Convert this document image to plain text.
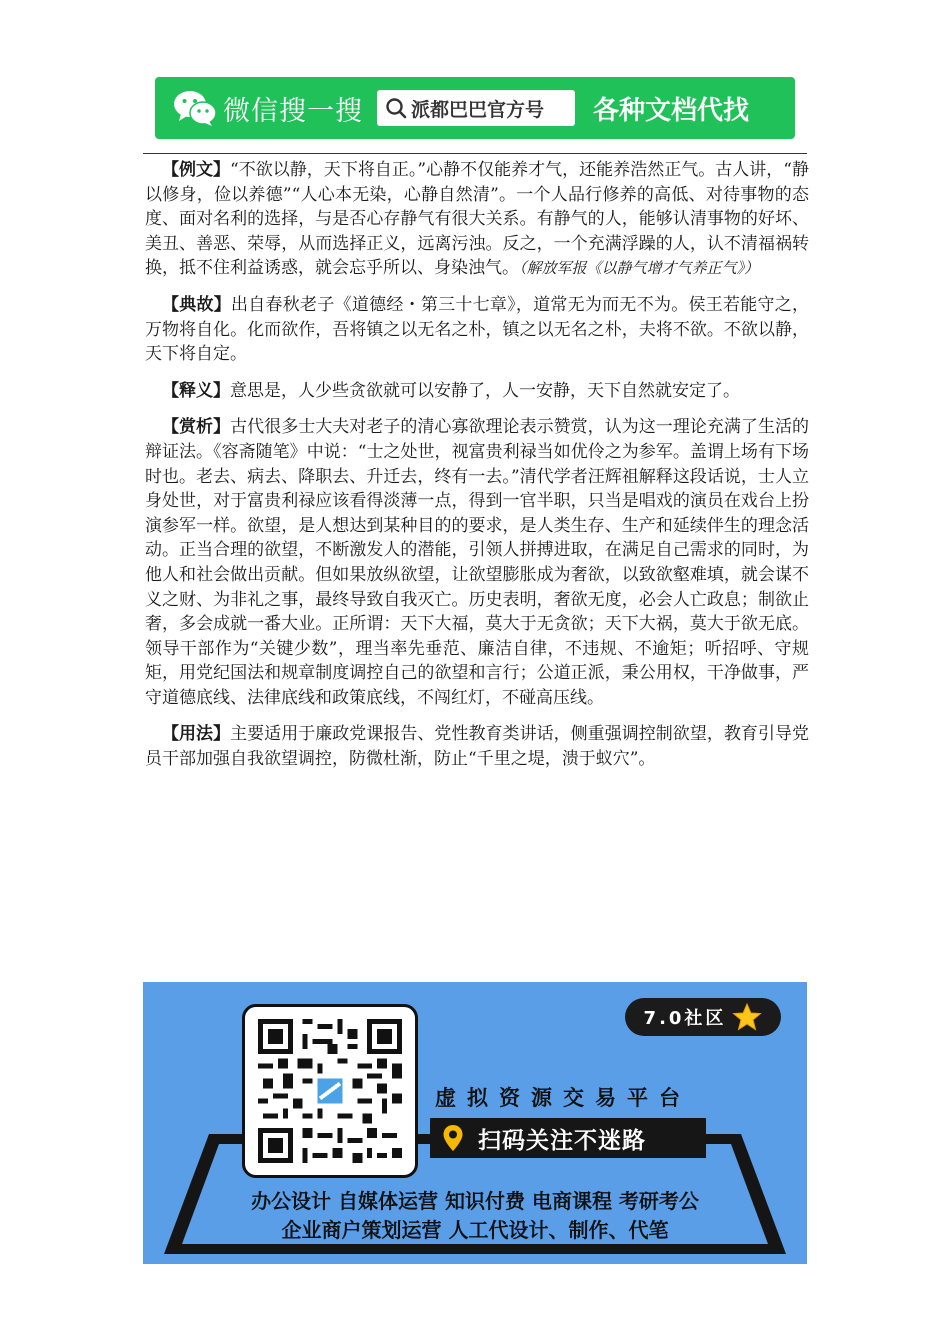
微信搜一搜	派都巴巴官方号 各种文档代找

【例文】“不欲以静，天下将自正。”心静不仅能养才气，还能养浩然正气。古人讲，“静以修身，俭以养德”“人心本无染，心静自然清”。一个人品行修养的高低、对待事物的态度、面对名利的选择，与是否心存静气有很大关系。有静气的人，能够认清事物的好坏、美丑、善恶、荣辱，从而选择正义，远离污浊。反之，一个充满浮躁的人，认不清福祸转换，抵不住利益诱惑，就会忘乎所以、身染浊气。（解放军报《以静气增才气养正气》）

【典故】出自春秋老子《道德经・第三十七章》，道常无为而无不为。侯王若能守之，万物将自化。化而欲作，吾将镇之以无名之朴，镇之以无名之朴，夫将不欲。不欲以静，天下将自定。

【释义】意思是，人少些贪欲就可以安静了，人一安静，天下自然就安定了。

【赏析】古代很多士大夫对老子的清心寡欲理论表示赞赏，认为这一理论充满了生活的辩证法。《容斋随笔》中说：“士之处世，视富贵利禄当如优伶之为参军。盖谓上场有下场时也。老去、病去、降职去、升迁去，终有一去。”清代学者汪辉祖解释这段话说，士人立身处世，对于富贵利禄应该看得淡薄一点，得到一官半职，只当是唱戏的演员在戏台上扮演参军一样。欲望，是人想达到某种目的的要求，是人类生存、生产和延续伴生的理念活动。正当合理的欲望，不断激发人的潜能，引领人拼搏进取，在满足自己需求的同时，为他人和社会做出贡献。但如果放纵欲望，让欲望膨胀成为奢欲，以致欲壑难填，就会谋不义之财、为非礼之事，最终导致自我灭亡。历史表明，奢欲无度，必会人亡政息；制欲止奢，多会成就一番大业。正所谓：天下大福，莫大于无贪欲；天下大祸，莫大于欲无底。领导干部作为“关键少数”，理当率先垂范、廉洁自律，不违规、不逾矩；听招呼、守规矩，用党纪国法和规章制度调控自己的欲望和言行；公道正派，秉公用权，干净做事，严守道德底线、法律底线和政策底线，不闯红灯，不碰高压线。

【用法】主要适用于廉政党课报告、党性教育类讲话，侧重强调控制欲望，教育引导党员干部加强自我欲望调控，防微杜渐，防止“千里之堤，溃于蚁穴”。

7.0社区
虚拟资源交易平台
扫码关注不迷路
办公设计 自媒体运营 知识付费 电商课程 考研考公
企业商户策划运营 人工代设计、制作、代笔
